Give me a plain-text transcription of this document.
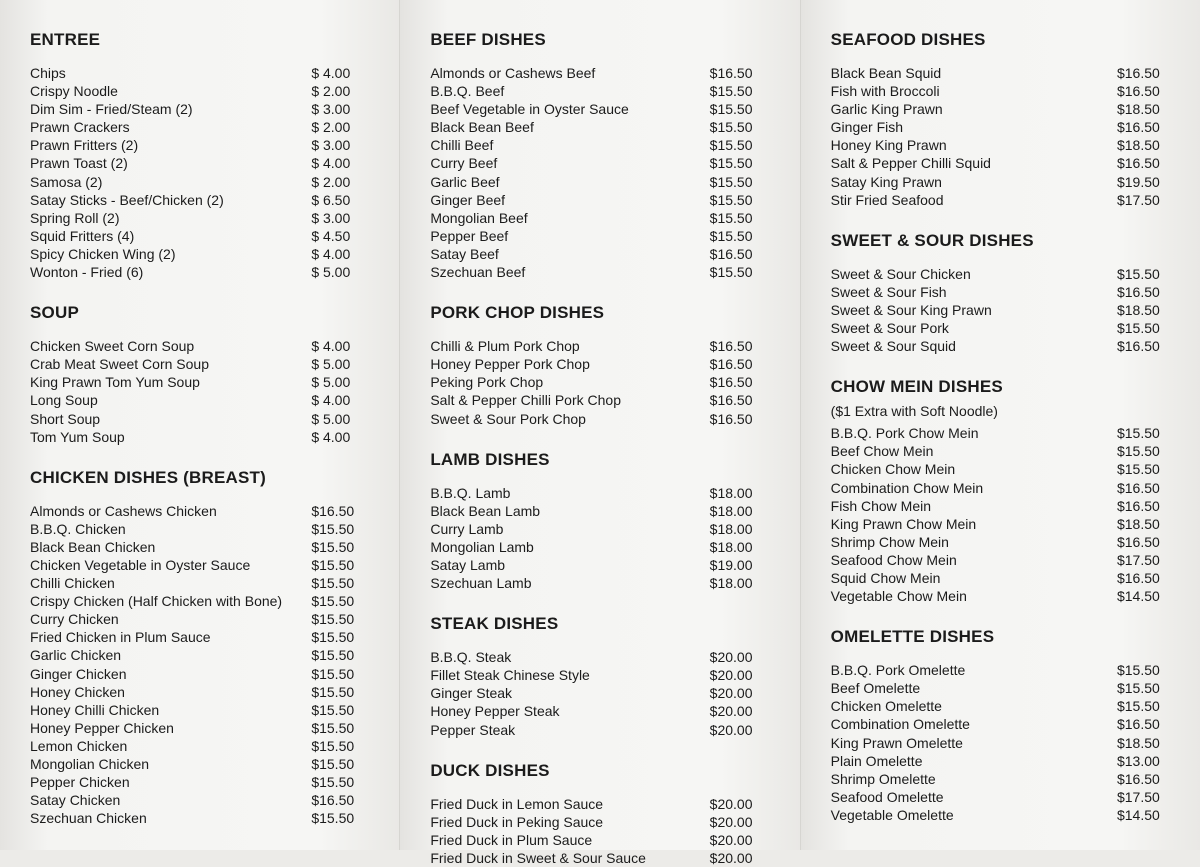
ENTREE
Chips	$ 4.00
Crispy Noodle	$ 2.00
Dim Sim - Fried/Steam (2)	$ 3.00
Prawn Crackers	$ 2.00
Prawn Fritters (2)	$ 3.00
Prawn Toast (2)	$ 4.00
Samosa (2)	$ 2.00
Satay Sticks - Beef/Chicken (2)	$ 6.50
Spring Roll (2)	$ 3.00
Squid Fritters (4)	$ 4.50
Spicy Chicken Wing (2)	$ 4.00
Wonton - Fried (6)	$ 5.00
SOUP
Chicken Sweet Corn Soup	$ 4.00
Crab Meat Sweet Corn Soup	$ 5.00
King Prawn Tom Yum Soup	$ 5.00
Long Soup	$ 4.00
Short Soup	$ 5.00
Tom Yum Soup	$ 4.00
CHICKEN DISHES (BREAST)
Almonds or Cashews Chicken	$16.50
B.B.Q. Chicken	$15.50
Black Bean Chicken	$15.50
Chicken Vegetable in Oyster Sauce	$15.50
Chilli Chicken	$15.50
Crispy Chicken (Half Chicken with Bone) $15.50
Curry Chicken	$15.50
Fried Chicken in Plum Sauce	$15.50
Garlic Chicken	$15.50
Ginger Chicken	$15.50
Honey Chicken	$15.50
Honey Chilli Chicken	$15.50
Honey Pepper Chicken	$15.50
Lemon Chicken	$15.50
Mongolian Chicken	$15.50
Pepper Chicken	$15.50
Satay Chicken	$16.50
Szechuan Chicken	$15.50
BEEF DISHES
Almonds or Cashews Beef	$16.50
B.B.Q. Beef	$15.50
Beef Vegetable in Oyster Sauce	$15.50
Black Bean Beef	$15.50
Chilli Beef	$15.50
Curry Beef	$15.50
Garlic Beef	$15.50
Ginger Beef	$15.50
Mongolian Beef	$15.50
Pepper Beef	$15.50
Satay Beef	$16.50
Szechuan Beef	$15.50
PORK CHOP DISHES
Chilli & Plum Pork Chop	$16.50
Honey Pepper Pork Chop	$16.50
Peking Pork Chop	$16.50
Salt & Pepper Chilli Pork Chop	$16.50
Sweet & Sour Pork Chop	$16.50
LAMB DISHES
B.B.Q. Lamb	$18.00
Black Bean Lamb	$18.00
Curry Lamb	$18.00
Mongolian Lamb	$18.00
Satay Lamb	$19.00
Szechuan Lamb	$18.00
STEAK DISHES
B.B.Q. Steak	$20.00
Fillet Steak Chinese Style	$20.00
Ginger Steak	$20.00
Honey Pepper Steak	$20.00
Pepper Steak	$20.00
DUCK DISHES
Fried Duck in Lemon Sauce	$20.00
Fried Duck in Peking Sauce	$20.00
Fried Duck in Plum Sauce	$20.00
Fried Duck in Sweet & Sour Sauce	$20.00
SEAFOOD DISHES
Black Bean Squid	$16.50
Fish with Broccoli	$16.50
Garlic King Prawn	$18.50
Ginger Fish	$16.50
Honey King Prawn	$18.50
Salt & Pepper Chilli Squid	$16.50
Satay King Prawn	$19.50
Stir Fried Seafood	$17.50
SWEET & SOUR DISHES
Sweet & Sour Chicken	$15.50
Sweet & Sour Fish	$16.50
Sweet & Sour King Prawn	$18.50
Sweet & Sour Pork	$15.50
Sweet & Sour Squid	$16.50
CHOW MEIN DISHES
($1 Extra with Soft Noodle)
B.B.Q. Pork Chow Mein	$15.50
Beef Chow Mein	$15.50
Chicken Chow Mein	$15.50
Combination Chow Mein	$16.50
Fish Chow Mein	$16.50
King Prawn Chow Mein	$18.50
Shrimp Chow Mein	$16.50
Seafood Chow Mein	$17.50
Squid Chow Mein	$16.50
Vegetable Chow Mein	$14.50
OMELETTE DISHES
B.B.Q. Pork Omelette	$15.50
Beef Omelette	$15.50
Chicken Omelette	$15.50
Combination Omelette	$16.50
King Prawn Omelette	$18.50
Plain Omelette	$13.00
Shrimp Omelette	$16.50
Seafood Omelette	$17.50
Vegetable Omelette	$14.50
